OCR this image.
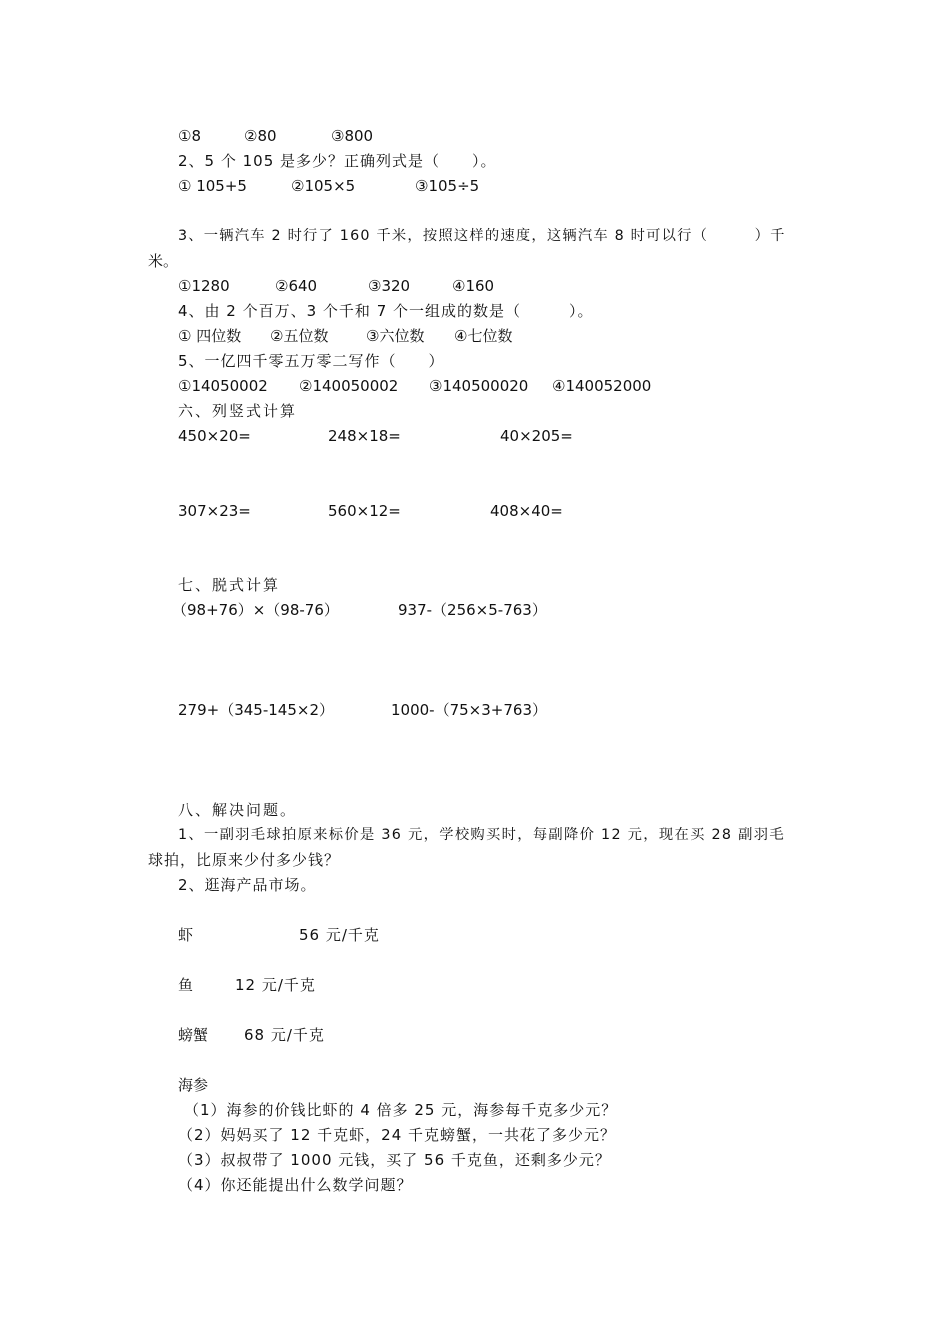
①8	②80	③800
2、5 个 105 是多少？正确列式是（　　）。
① 105+5	②105×5	③105÷5
3、一辆汽车 2 时行了 160 千米，按照这样的速度，这辆汽车 8 时可以行（　　　）千
米。
①1280	②640	③320	④160
4、由 2 个百万、3 个千和 7 个一组成的数是（　　　）。
① 四位数 ②五位数	③六位数 ④七位数
5、一亿四千零五万零二写作（　　）
①14050002 ②140050002 ③140500020 ④140052000
六、列竖式计算
450×20=	248×18=	40×205=
307×23=	560×12=	408×40=
七、脱式计算
（98+76）×（98-76）	937-（256×5-763）
279+（345-145×2）	1000-（75×3+763）
八、解决问题。
1、一副羽毛球拍原来标价是 36 元，学校购买时，每副降价 12 元，现在买 28 副羽毛
球拍，比原来少付多少钱？
2、逛海产品市场。
虾	56 元/千克
鱼	12 元/千克
螃蟹 68 元/千克
海参
（1）海参的价钱比虾的 4 倍多 25 元，海参每千克多少元？
（2）妈妈买了 12 千克虾，24 千克螃蟹，一共花了多少元？
（3）叔叔带了 1000 元钱，买了 56 千克鱼，还剩多少元？
（4）你还能提出什么数学问题？
